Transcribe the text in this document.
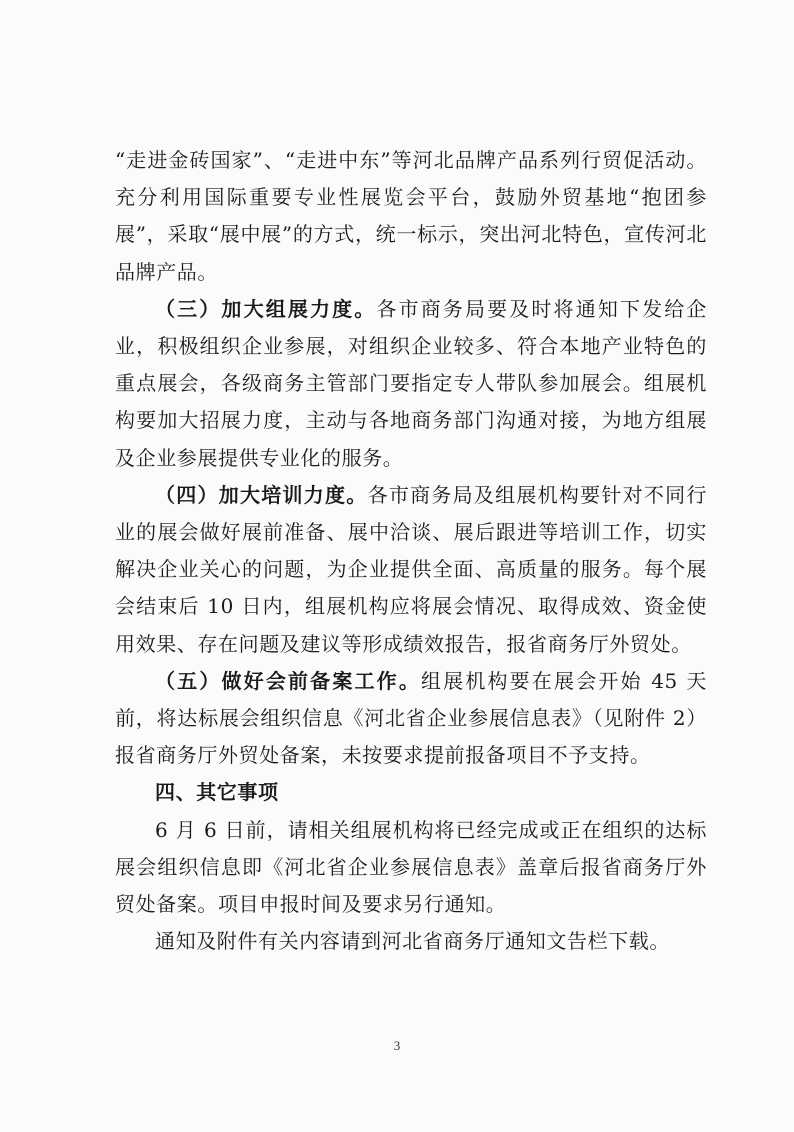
“走进金砖国家”、“走进中东”等河北品牌产品系列行贸促活动。充分利用国际重要专业性展览会平台，鼓励外贸基地“抱团参展”，采取“展中展”的方式，统一标示，突出河北特色，宣传河北品牌产品。

（三）加大组展力度。各市商务局要及时将通知下发给企业，积极组织企业参展，对组织企业较多、符合本地产业特色的重点展会，各级商务主管部门要指定专人带队参加展会。组展机构要加大招展力度，主动与各地商务部门沟通对接，为地方组展及企业参展提供专业化的服务。

（四）加大培训力度。各市商务局及组展机构要针对不同行业的展会做好展前准备、展中洽谈、展后跟进等培训工作，切实解决企业关心的问题，为企业提供全面、高质量的服务。每个展会结束后 10 日内，组展机构应将展会情况、取得成效、资金使用效果、存在问题及建议等形成绩效报告，报省商务厅外贸处。

（五）做好会前备案工作。组展机构要在展会开始 45 天前，将达标展会组织信息《河北省企业参展信息表》（见附件 2）报省商务厅外贸处备案，未按要求提前报备项目不予支持。

四、其它事项

6 月 6 日前，请相关组展机构将已经完成或正在组织的达标展会组织信息即《河北省企业参展信息表》盖章后报省商务厅外贸处备案。项目申报时间及要求另行通知。

通知及附件有关内容请到河北省商务厅通知文告栏下载。

3
